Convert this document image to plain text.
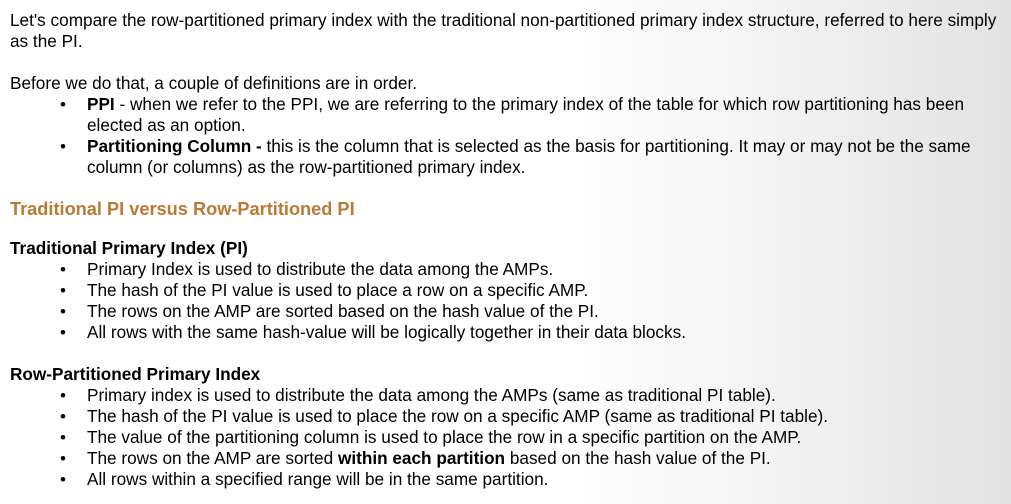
Let's compare the row-partitioned primary index with the traditional non-partitioned primary index structure, referred to here simply as the PI.

Before we do that, a couple of definitions are in order.

• PPI - when we refer to the PPI, we are referring to the primary index of the table for which row partitioning has been elected as an option.
• Partitioning Column - this is the column that is selected as the basis for partitioning. It may or may not be the same column (or columns) as the row-partitioned primary index.

Traditional PI versus Row-Partitioned PI

Traditional Primary Index (PI)

• Primary Index is used to distribute the data among the AMPs.
• The hash of the PI value is used to place a row on a specific AMP.
• The rows on the AMP are sorted based on the hash value of the PI.
• All rows with the same hash-value will be logically together in their data blocks.

Row-Partitioned Primary Index

• Primary index is used to distribute the data among the AMPs (same as traditional PI table).
• The hash of the PI value is used to place the row on a specific AMP (same as traditional PI table).
• The value of the partitioning column is used to place the row in a specific partition on the AMP.
• The rows on the AMP are sorted within each partition based on the hash value of the PI.
• All rows within a specified range will be in the same partition.
